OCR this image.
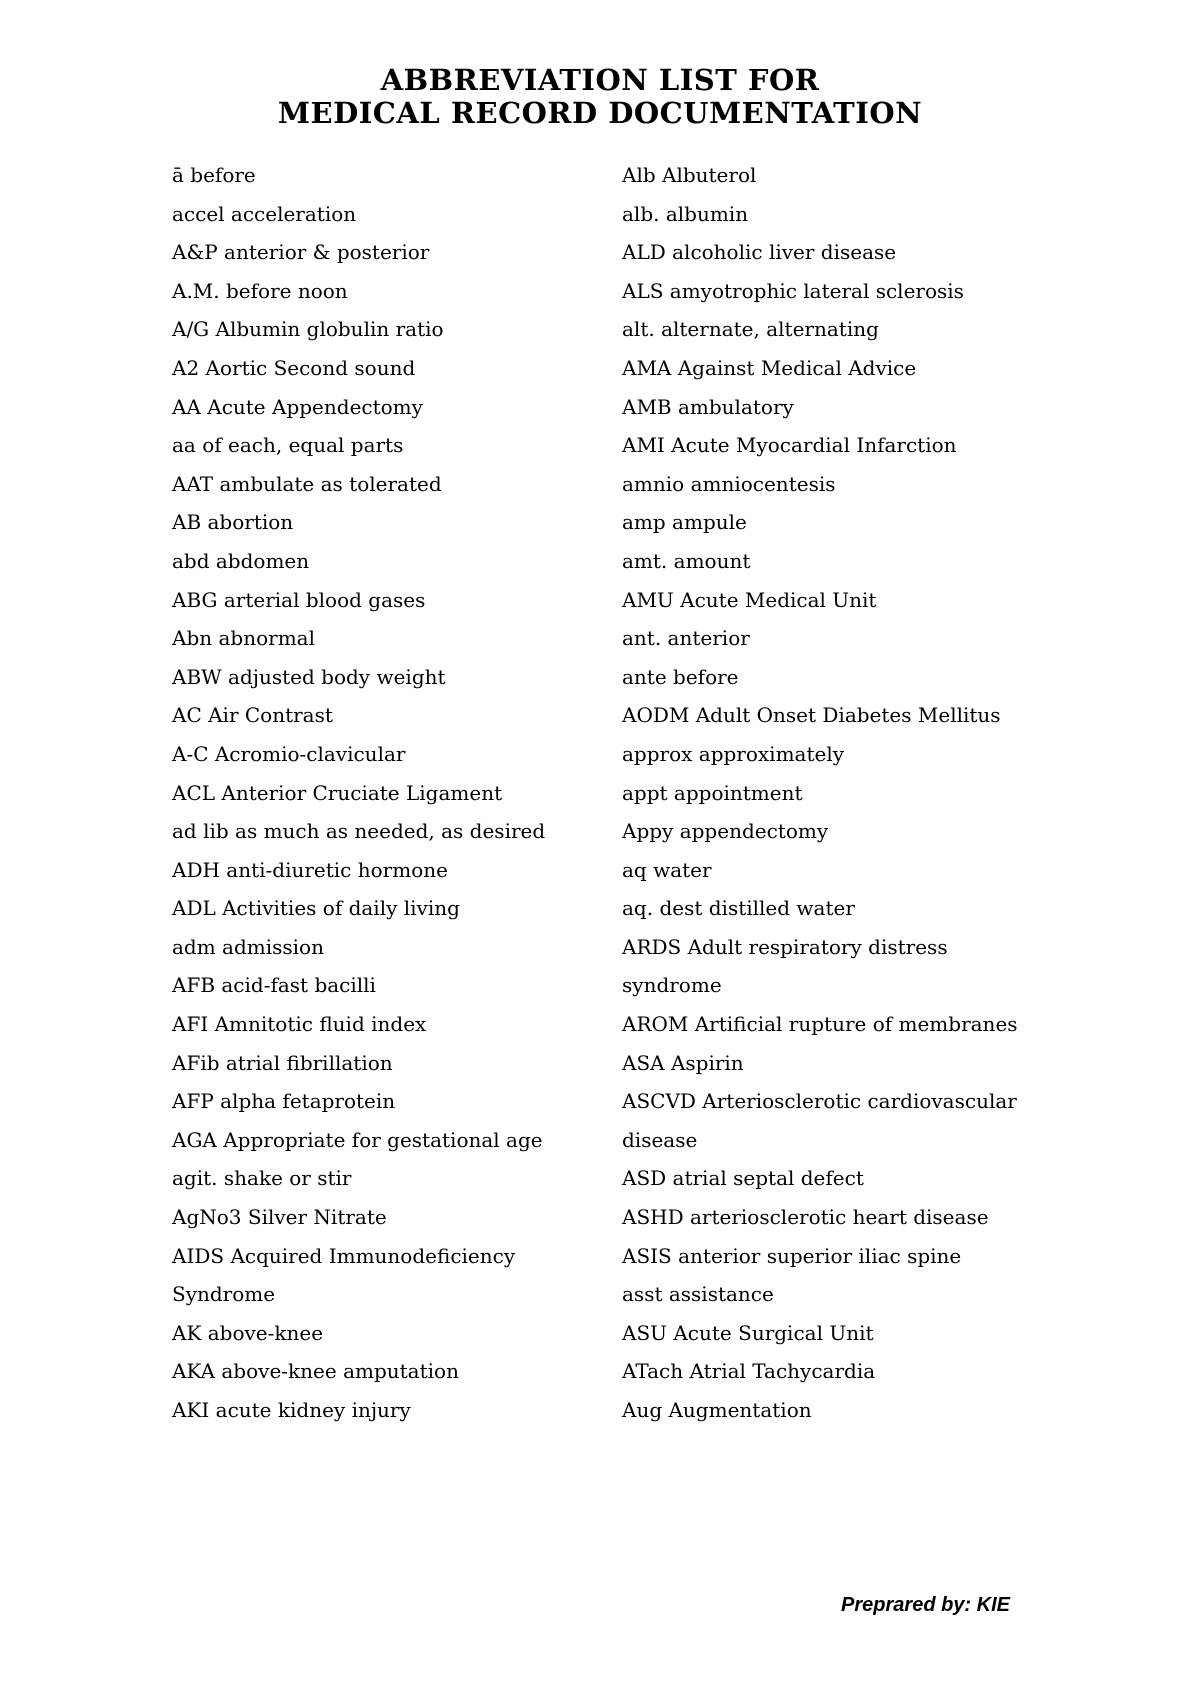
ABBREVIATION LIST FOR
MEDICAL RECORD DOCUMENTATION
ā before
accel acceleration
A&P anterior & posterior
A.M. before noon
A/G Albumin globulin ratio
A2 Aortic Second sound
AA Acute Appendectomy
aa of each, equal parts
AAT ambulate as tolerated
AB abortion
abd abdomen
ABG arterial blood gases
Abn abnormal
ABW adjusted body weight
AC Air Contrast
A-C Acromio-clavicular
ACL Anterior Cruciate Ligament
ad lib as much as needed, as desired
ADH anti-diuretic hormone
ADL Activities of daily living
adm admission
AFB acid-fast bacilli
AFI Amnitotic fluid index
AFib atrial fibrillation
AFP alpha fetaprotein
AGA Appropriate for gestational age
agit. shake or stir
AgNo3 Silver Nitrate
AIDS Acquired Immunodeficiency
Syndrome
AK above-knee
AKA above-knee amputation
AKI acute kidney injury
Alb Albuterol
alb. albumin
ALD alcoholic liver disease
ALS amyotrophic lateral sclerosis
alt. alternate, alternating
AMA Against Medical Advice
AMB ambulatory
AMI Acute Myocardial Infarction
amnio amniocentesis
amp ampule
amt. amount
AMU Acute Medical Unit
ant. anterior
ante before
AODM Adult Onset Diabetes Mellitus
approx approximately
appt appointment
Appy appendectomy
aq water
aq. dest distilled water
ARDS Adult respiratory distress
syndrome
AROM Artificial rupture of membranes
ASA Aspirin
ASCVD Arteriosclerotic cardiovascular
disease
ASD atrial septal defect
ASHD arteriosclerotic heart disease
ASIS anterior superior iliac spine
asst assistance
ASU Acute Surgical Unit
ATach Atrial Tachycardia
Aug Augmentation
Preprared by: KIE
